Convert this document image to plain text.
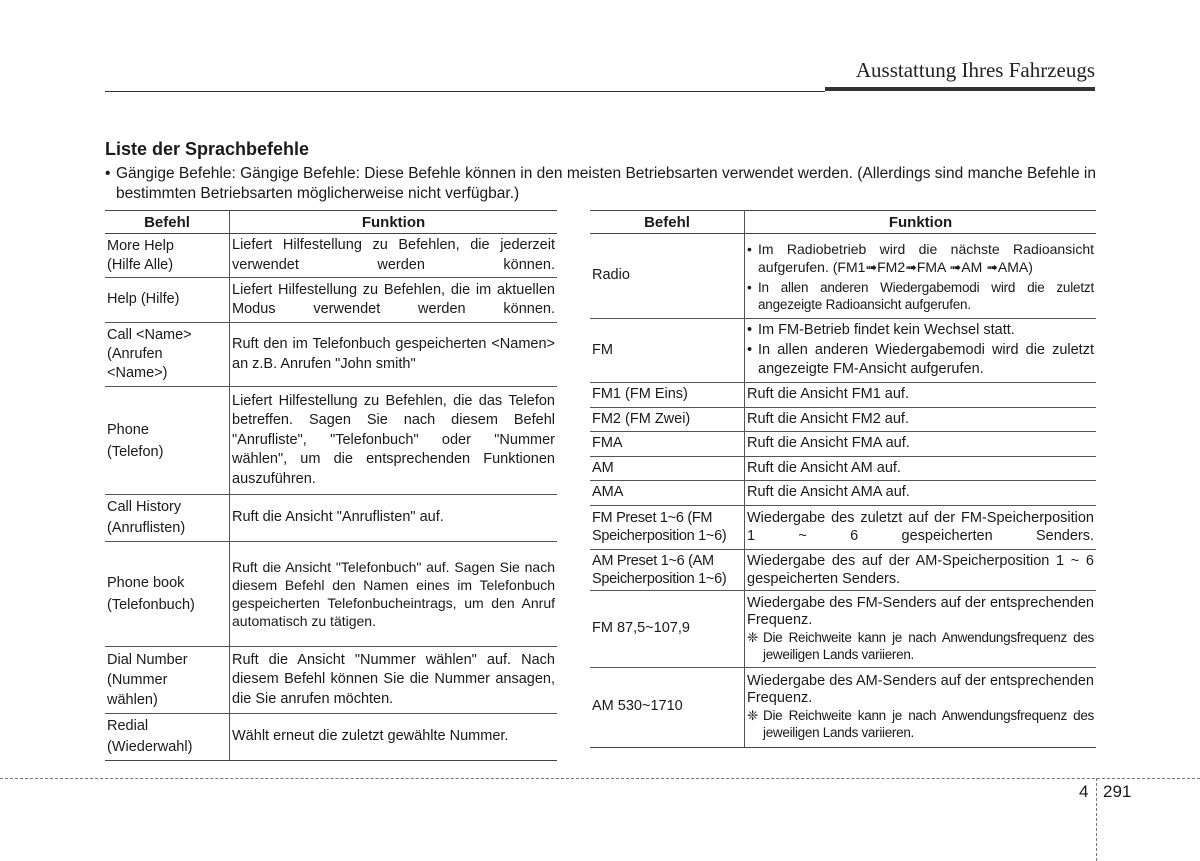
Ausstattung Ihres Fahrzeugs
Liste der Sprachbefehle
• Gängige Befehle: Gängige Befehle: Diese Befehle können in den meisten Betriebsarten verwendet werden. (Allerdings sind manche Befehle in bestimmten Betriebsarten möglicherweise nicht verfügbar.)
Befehl	Funktion
More Help
(Hilfe Alle)	Liefert Hilfestellung zu Befehlen, die jederzeit verwendet werden können.
Help (Hilfe)	Liefert Hilfestellung zu Befehlen, die im aktuellen Modus verwendet werden können.
Call <Name>
(Anrufen
<Name>)	Ruft den im Telefonbuch gespeicherten <Namen> an z.B. Anrufen "John smith"
Phone
(Telefon)	Liefert Hilfestellung zu Befehlen, die das Telefon betreffen. Sagen Sie nach diesem Befehl "Anrufliste", "Telefonbuch" oder "Nummer wählen", um die entsprechenden Funktionen auszuführen.
Call History
(Anruflisten)	Ruft die Ansicht "Anruflisten" auf.
Phone book
(Telefonbuch)	Ruft die Ansicht "Telefonbuch" auf. Sagen Sie nach diesem Befehl den Namen eines im Telefonbuch gespeicherten Telefonbucheintrags, um den Anruf automatisch zu tätigen.
Dial Number
(Nummer
wählen)	Ruft die Ansicht "Nummer wählen" auf. Nach diesem Befehl können Sie die Nummer ansagen, die Sie anrufen möchten.
Redial
(Wiederwahl)	Wählt erneut die zuletzt gewählte Nummer.
Befehl	Funktion
Radio	• Im Radiobetrieb wird die nächste Radioansicht aufgerufen. (FM1➟FM2➟FMA ➟AM ➟AMA)
• In allen anderen Wiedergabemodi wird die zuletzt angezeigte Radioansicht aufgerufen.

FM	• Im FM-Betrieb findet kein Wechsel statt.
• In allen anderen Wiedergabemodi wird die zuletzt angezeigte FM-Ansicht aufgerufen.

FM1 (FM Eins)	Ruft die Ansicht FM1 auf.
FM2 (FM Zwei)	Ruft die Ansicht FM2 auf.
FMA	Ruft die Ansicht FMA auf.
AM	Ruft die Ansicht AM auf.
AMA	Ruft die Ansicht AMA auf.
FM Preset 1~6 (FM Speicherposition 1~6)	Wiedergabe des zuletzt auf der FM-Speicherposition 1 ~ 6 gespeicherten Senders.
AM Preset 1~6 (AM Speicherposition 1~6)	Wiedergabe des auf der AM-Speicherposition 1 ~ 6 gespeicherten Senders.
FM 87,5~107,9	Wiedergabe des FM-Senders auf der entsprechenden Frequenz.
❈ Die Reichweite kann je nach Anwendungsfrequenz des jeweiligen Lands variieren.

AM 530~1710	Wiedergabe des AM-Senders auf der entsprechenden Frequenz.
❈ Die Reichweite kann je nach Anwendungsfrequenz des jeweiligen Lands variieren.
4 291
